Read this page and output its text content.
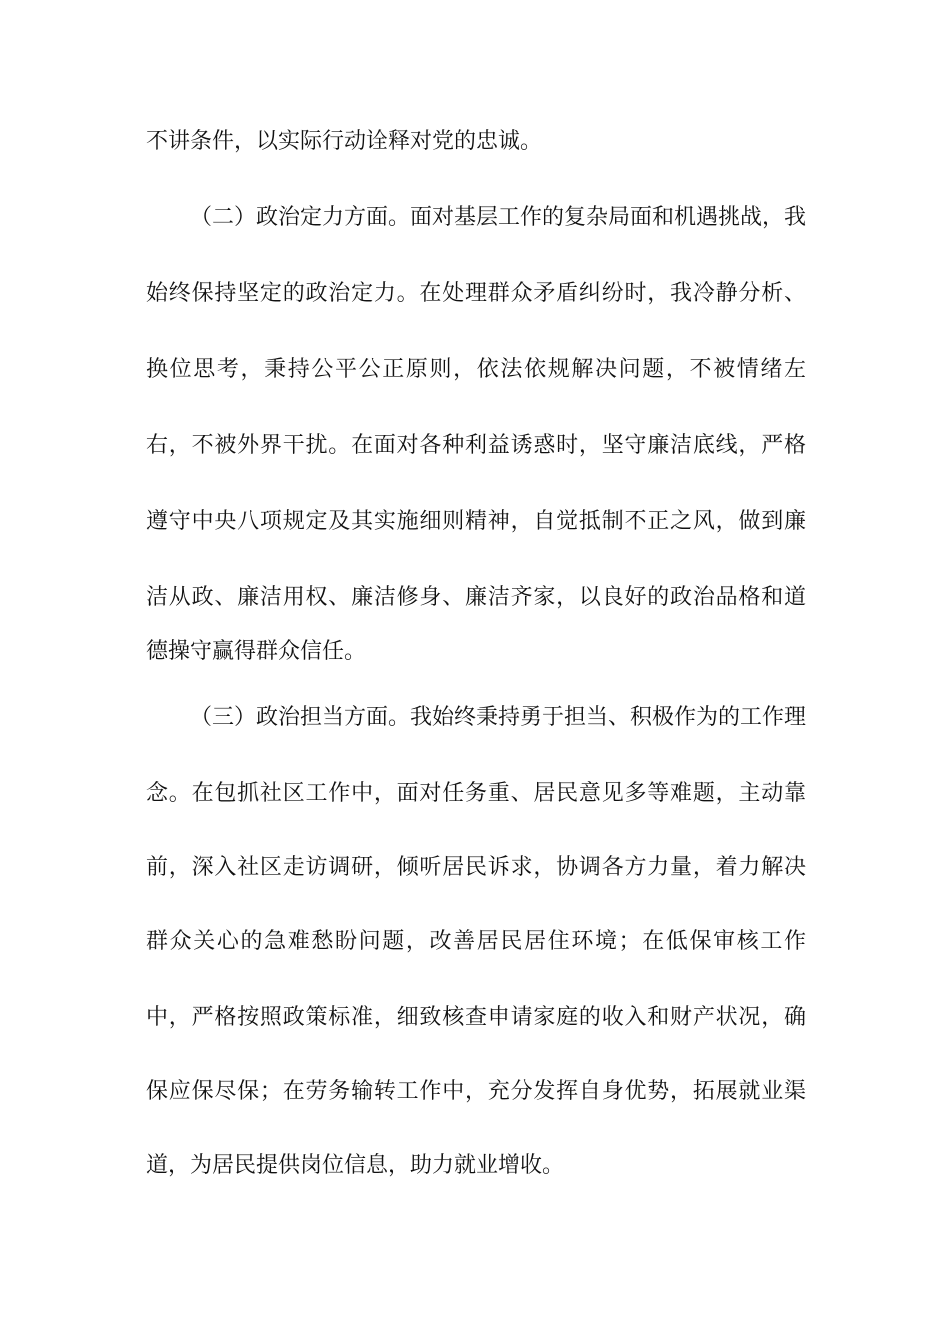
不讲条件，以实际行动诠释对党的忠诚。
（二）政治定力方面。面对基层工作的复杂局面和机遇挑战，我
始终保持坚定的政治定力。在处理群众矛盾纠纷时，我冷静分析、
换位思考，秉持公平公正原则，依法依规解决问题，不被情绪左
右，不被外界干扰。在面对各种利益诱惑时，坚守廉洁底线，严格
遵守中央八项规定及其实施细则精神，自觉抵制不正之风，做到廉
洁从政、廉洁用权、廉洁修身、廉洁齐家，以良好的政治品格和道
德操守赢得群众信任。
（三）政治担当方面。我始终秉持勇于担当、积极作为的工作理
念。在包抓社区工作中，面对任务重、居民意见多等难题，主动靠
前，深入社区走访调研，倾听居民诉求，协调各方力量，着力解决
群众关心的急难愁盼问题，改善居民居住环境；在低保审核工作
中，严格按照政策标准，细致核查申请家庭的收入和财产状况，确
保应保尽保；在劳务输转工作中，充分发挥自身优势，拓展就业渠
道，为居民提供岗位信息，助力就业增收。
